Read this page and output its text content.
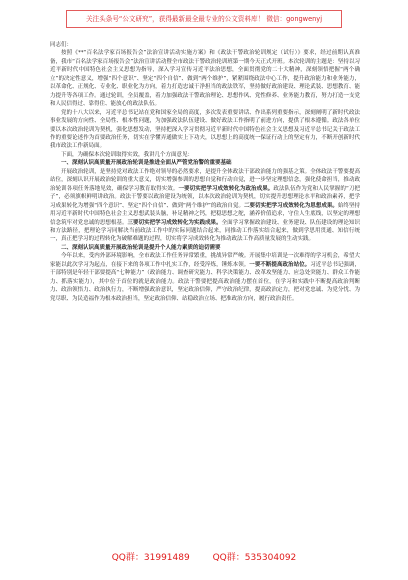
关注头条号“公文研究”，获得最新最全最专业的公文资料库！ 微信：gongwenyj

同志们：

按照《**“百名法学家百场报告会”法治宣讲活动实施方案》和《政法干警政治轮训规定（试行）》要求，经过前期认真准备，我市“百名法学家百场报告会”法治宣讲活动暨全市政法干警政治轮训班第一期今天正式开班。本次轮训的主题是：坚持以习近平新时代中国特色社会主义思想为指导，深入学习宣传习近平法治思想，全面贯彻党的二十大精神，深刻领悟把握“两个确立”的决定性意义，增强“四个意识”、坚定“四个自信”、做到“两个维护”，紧紧围绕政法中心工作，提升政治能力和业务能力，以革命化、正规化、专业化、职业化为方向，着力打造忠诚干净担当的政法铁军，坚持做好政治建设、理论武装、思想教育、能力提升等各项工作。通过轮训，全员覆盖，着力加强政法干警政治理论、思想作风、党性修养、业务能力教育，努力打造一支党和人民信得过、靠得住、能放心的政法队伍。

党的十八大以来，习近平总书记站在党和国家全局的高度，多次发表重要讲话、作出系列重要指示，深刻阐明了新时代政法事业发展的方向性、全局性、根本性问题，为加强政法队伍建设、做好政法工作指明了前进方向，提供了根本遵循。政法各单位要以本次政治轮训为契机，强化思想发动，坚持把深入学习贯彻习近平新时代中国特色社会主义思想及习近平总书记关于政法工作的重要论述作为首要政治任务，切实在学懂弄通做实上下功夫，以思想上的高度统一保证行动上的坚定有力，不断开创新时代我市政法工作新局面。

下面，为确保本次轮训取得实效，我讲几个方面意见：

一、深刻认识高质量开展政治轮训是推进全面从严管党治警的重要基础

开展政治轮训，是坚持党对政法工作绝对领导的必然要求，是提升全体政法干部政治能力的强基之策。全体政法干警要提高站位，深刻认识开展政治轮训的重大意义，切实增强参训的思想自觉和行动自觉，进一步坚定理想信念，强化使命担当，推动政治轮训各项任务落地见效，确保学习教育取得实效。一要切实把学习成效转化为政治成果。政法队伍作为党和人民掌握的“刀把子”，必须旗帜鲜明讲政治。政法干警要以政治建设为统领，以本次政治轮训为契机，切实提升思想理论水平和政治素养，把学习成果转化为增强“四个意识”、坚定“四个自信”、做到“两个维护”的政治自觉。二要切实把学习成效转化为思想成果。始终坚持用习近平新时代中国特色社会主义思想武装头脑，补足精神之钙，把稳思想之舵，涵养价值追求，守住人生底线，以坚定的理想信念筑牢对党忠诚的思想根基。三要切实把学习成效转化为实践成果。全面学习掌握政治建设、业务建设、队伍建设的理论知识和方法路径，把理论学习同解决当前政法工作中的实际问题结合起来，同推动工作落实结合起来，做到学思用贯通、知信行统一，真正把学习的过程转化为破解难题的过程，切实将学习成效转化为推动政法工作高质量发展的生动实践。

二、深刻认识高质量开展政治轮训是提升个人能力素质的迫切需要

今年以来，受内外部环境影响，全市政法工作任务异常繁重，挑战异常严峻。开展集中培训是一次难得的学习机会，希望大家能以此次学习为起点，在接下来的各项工作中扎实工作，经受淬炼，锤炼本领。一要不断提高政治站位。习近平总书记强调，干部特别是年轻干部要提高“七种能力”（政治能力、调查研究能力、科学决策能力、改革攻坚能力、应急处突能力、群众工作能力、抓落实能力），其中位于首位的就是政治能力。政法干警要把提高政治能力摆在首位，在学习和实践中不断提高政治判断力、政治领悟力、政治执行力，不断增强政治意识，坚定政治信仰，严守政治纪律，提高政治定力，把对党忠诚、为党分忧、为党尽职、为民造福作为根本政治担当，坚定政治信仰、站稳政治立场、把准政治方向，履行政治责任。

QQ群：31991489	QQ群：535304092
